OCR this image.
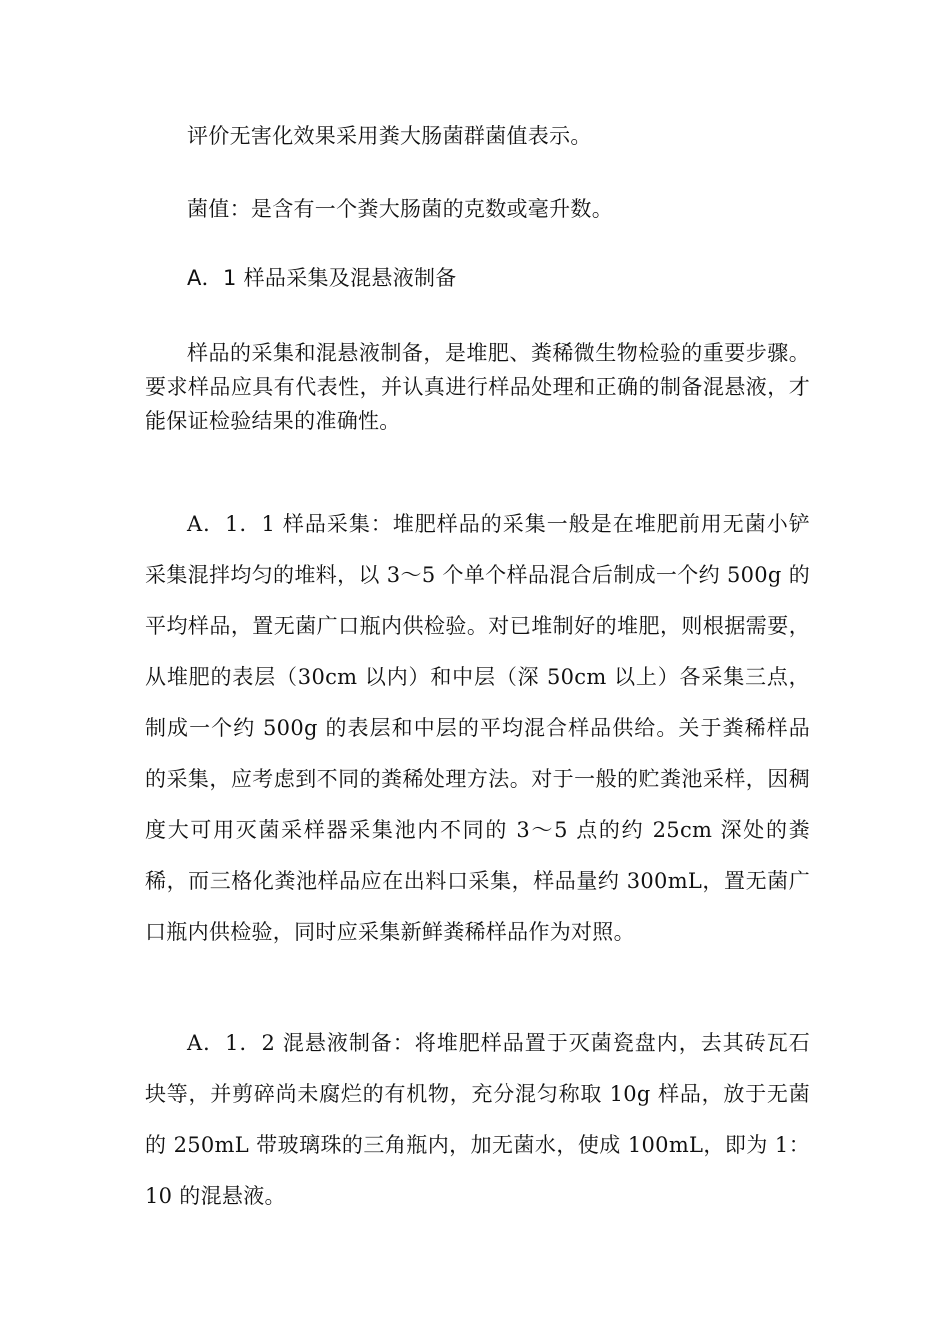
评价无害化效果采用粪大肠菌群菌值表示。

菌值：是含有一个粪大肠菌的克数或毫升数。

A．1 样品采集及混悬液制备

样品的采集和混悬液制备，是堆肥、粪稀微生物检验的重要步骤。要求样品应具有代表性，并认真进行样品处理和正确的制备混悬液，才能保证检验结果的准确性。

A．1．1 样品采集：堆肥样品的采集一般是在堆肥前用无菌小铲采集混拌均匀的堆料，以 3～5 个单个样品混合后制成一个约 500g 的平均样品，置无菌广口瓶内供检验。对已堆制好的堆肥，则根据需要，从堆肥的表层（30cm 以内）和中层（深 50cm 以上）各采集三点，制成一个约 500g 的表层和中层的平均混合样品供给。关于粪稀样品的采集，应考虑到不同的粪稀处理方法。对于一般的贮粪池采样，因稠度大可用灭菌采样器采集池内不同的 3～5 点的约 25cm 深处的粪稀，而三格化粪池样品应在出料口采集，样品量约 300mL，置无菌广口瓶内供检验，同时应采集新鲜粪稀样品作为对照。

A．1．2 混悬液制备：将堆肥样品置于灭菌瓷盘内，去其砖瓦石块等，并剪碎尚未腐烂的有机物，充分混匀称取 10g 样品，放于无菌的 250mL 带玻璃珠的三角瓶内，加无菌水，使成 100mL，即为 1：10 的混悬液。
